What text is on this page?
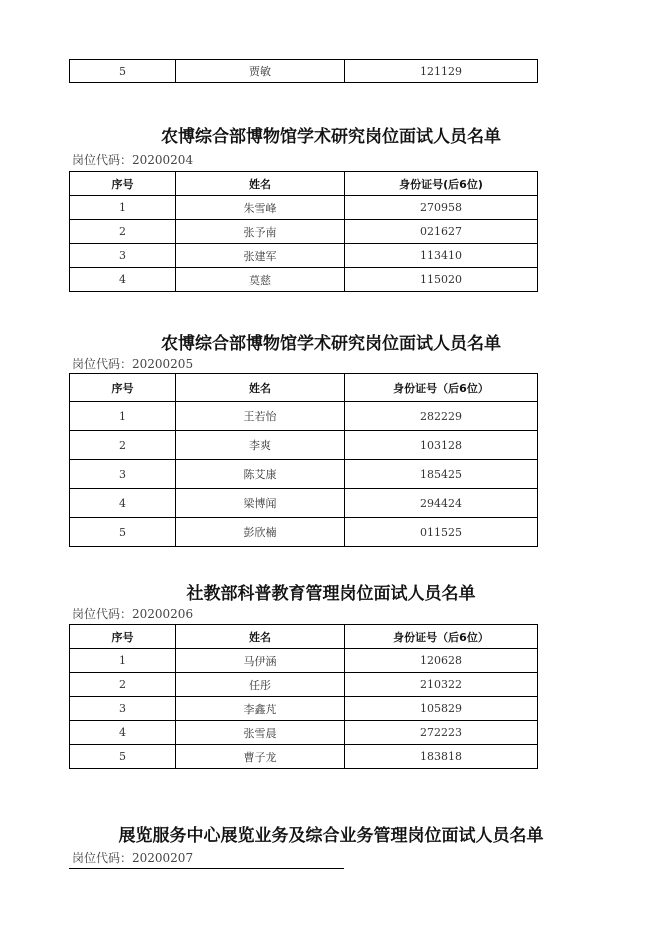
5	贾敏	121129
农博综合部博物馆学术研究岗位面试人员名单
岗位代码：20200204
序号	姓名	身份证号(后6位)
1	朱雪峰	270958
2	张予南	021627
3	张建军	113410
4	莫慈	115020
农博综合部博物馆学术研究岗位面试人员名单
岗位代码：20200205
序号	姓名	身份证号（后6位）
1	王若怡	282229
2	李爽	103128
3	陈艾康	185425
4	梁博闻	294424
5	彭欣楠	011525
社教部科普教育管理岗位面试人员名单
岗位代码：20200206
序号	姓名	身份证号（后6位）
1	马伊涵	120628
2	任彤	210322
3	李鑫芃	105829
4	张雪晨	272223
5	曹子龙	183818
展览服务中心展览业务及综合业务管理岗位面试人员名单
岗位代码：20200207
